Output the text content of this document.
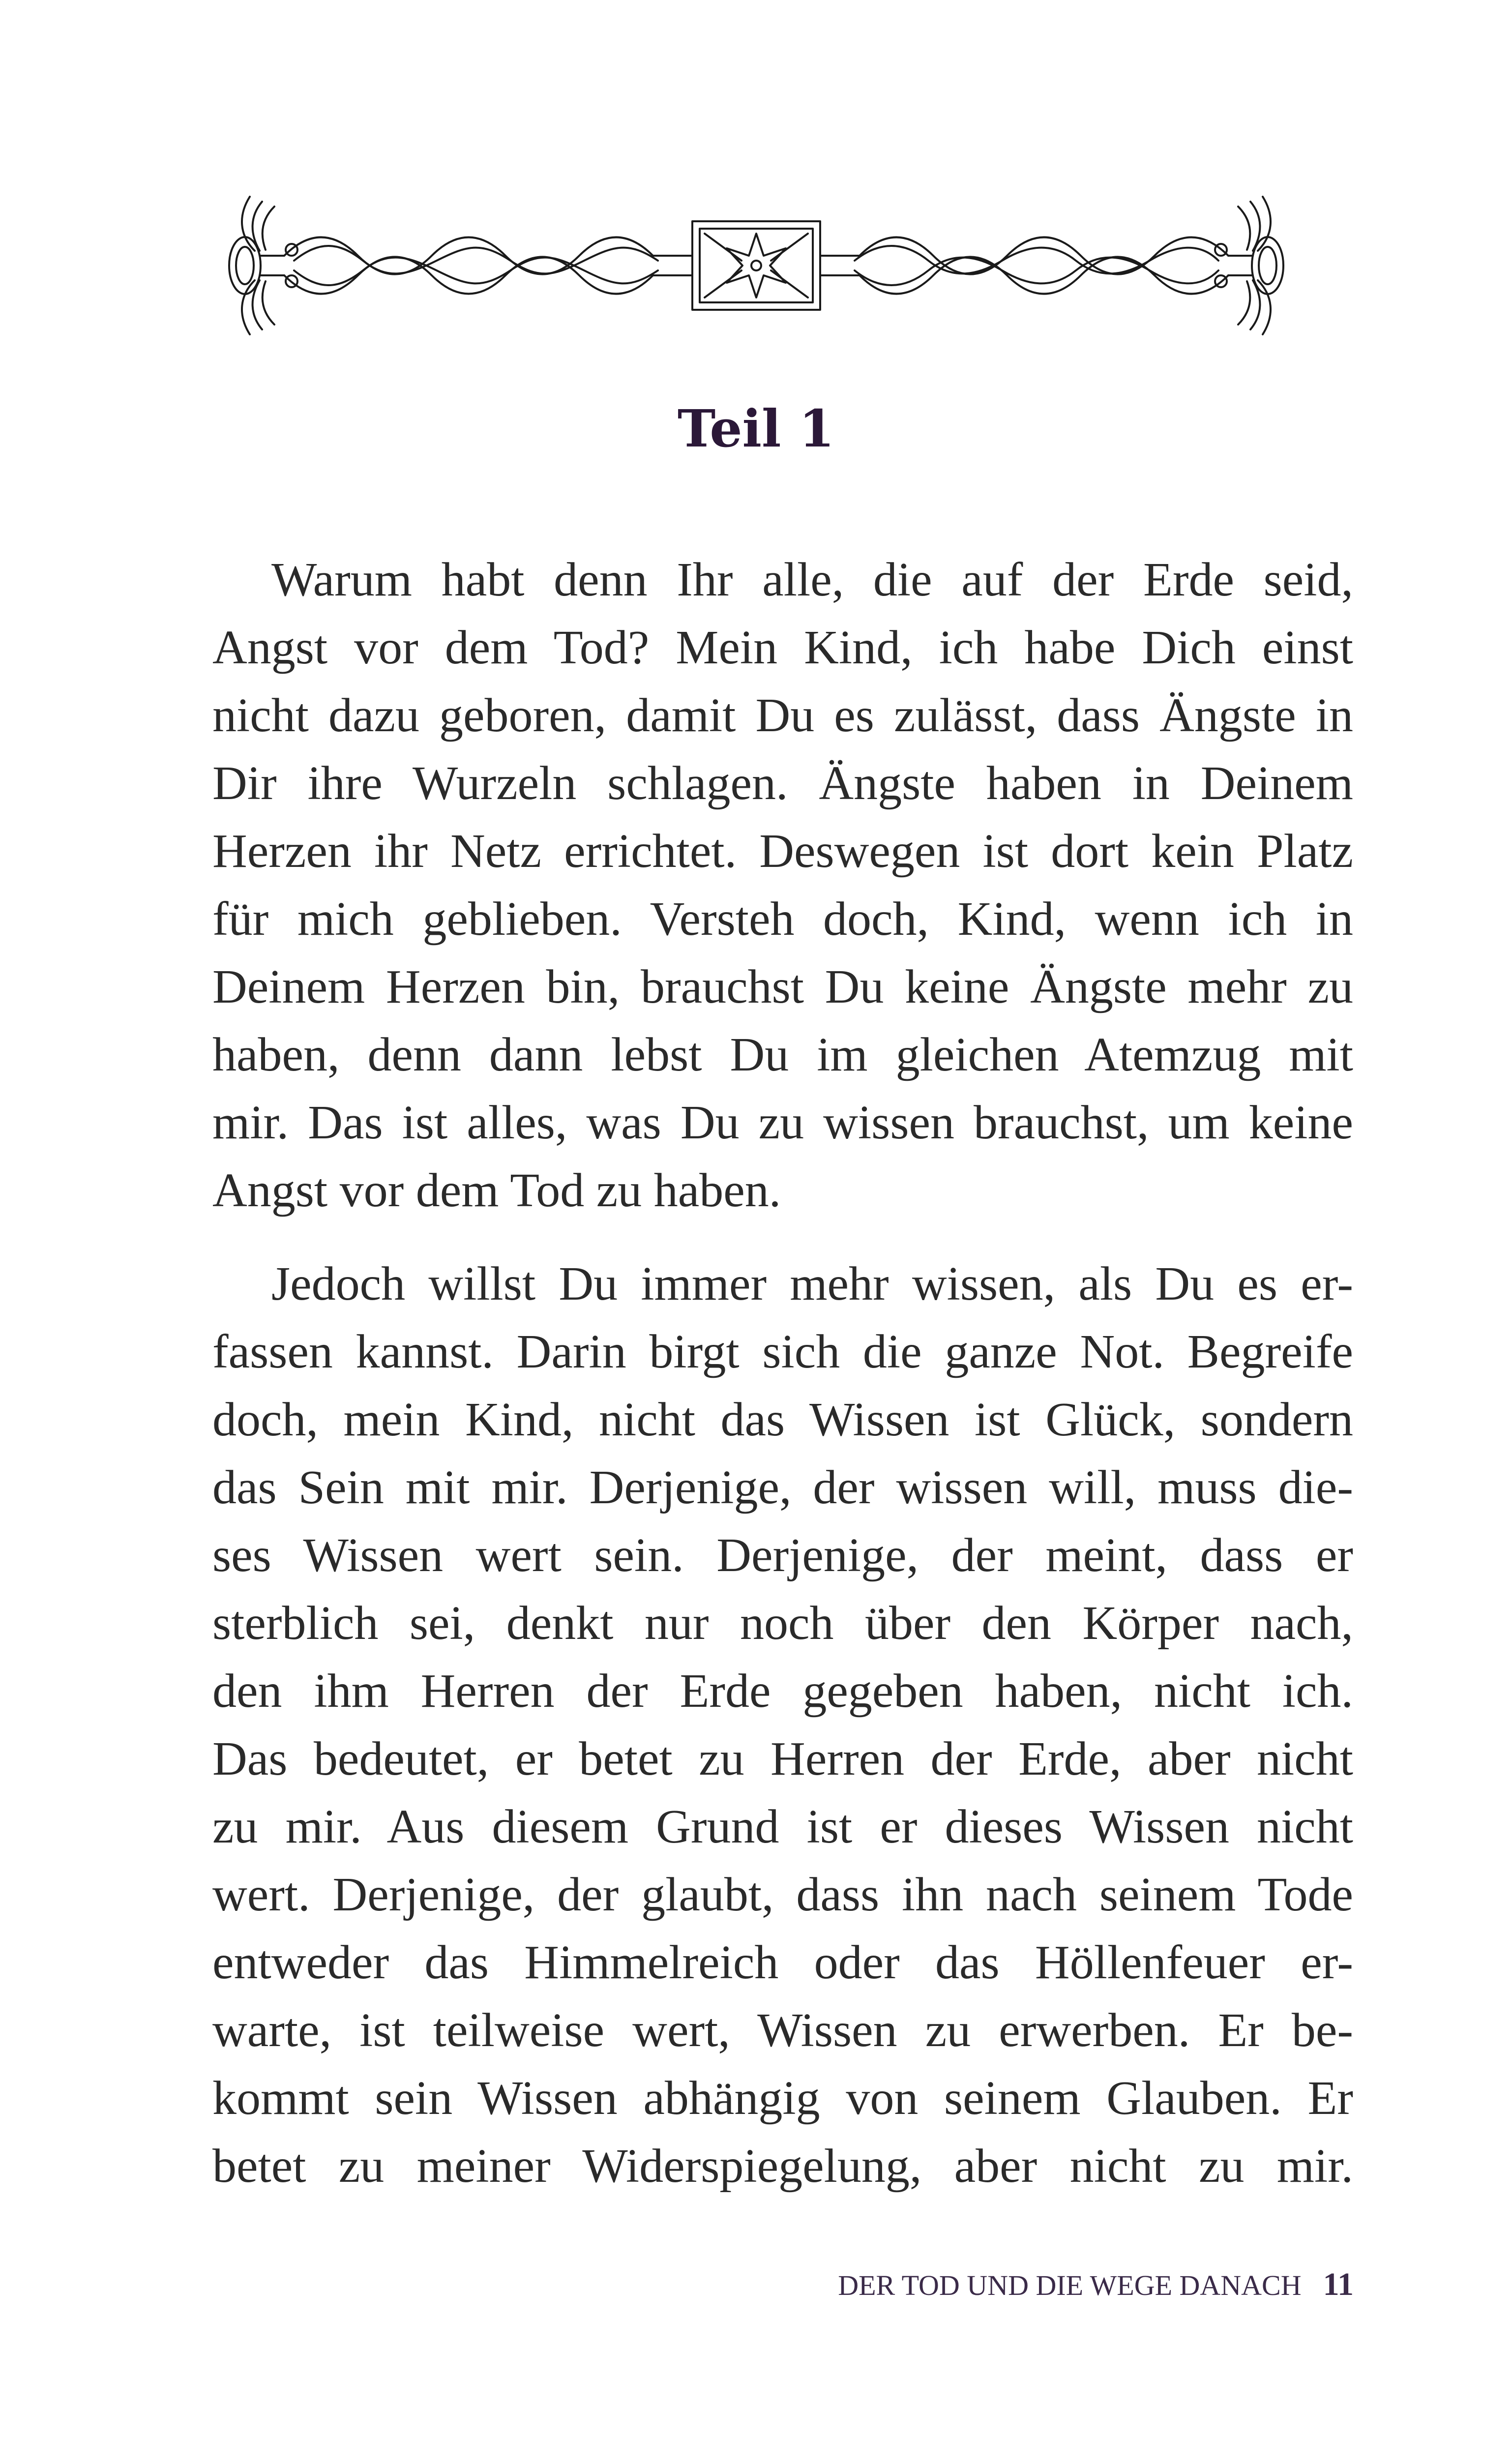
Teil 1
Warum habt denn Ihr alle, die auf der Erde seid,
Angst vor dem Tod? Mein Kind, ich habe Dich einst
nicht dazu geboren, damit Du es zulässt, dass Ängste in
Dir ihre Wurzeln schlagen. Ängste haben in Deinem
Herzen ihr Netz errichtet. Deswegen ist dort kein Platz
für mich geblieben. Versteh doch, Kind, wenn ich in
Deinem Herzen bin, brauchst Du keine Ängste mehr zu
haben, denn dann lebst Du im gleichen Atemzug mit
mir. Das ist alles, was Du zu wissen brauchst, um keine
Angst vor dem Tod zu haben.
Jedoch willst Du immer mehr wissen, als Du es er-
fassen kannst. Darin birgt sich die ganze Not. Begreife
doch, mein Kind, nicht das Wissen ist Glück, sondern
das Sein mit mir. Derjenige, der wissen will, muss die-
ses Wissen wert sein. Derjenige, der meint, dass er
sterblich sei, denkt nur noch über den Körper nach,
den ihm Herren der Erde gegeben haben, nicht ich.
Das bedeutet, er betet zu Herren der Erde, aber nicht
zu mir. Aus diesem Grund ist er dieses Wissen nicht
wert. Derjenige, der glaubt, dass ihn nach seinem Tode
entweder das Himmelreich oder das Höllenfeuer er-
warte, ist teilweise wert, Wissen zu erwerben. Er be-
kommt sein Wissen abhängig von seinem Glauben. Er
betet zu meiner Widerspiegelung, aber nicht zu mir.
DER TOD UND DIE WEGE DANACH 11
